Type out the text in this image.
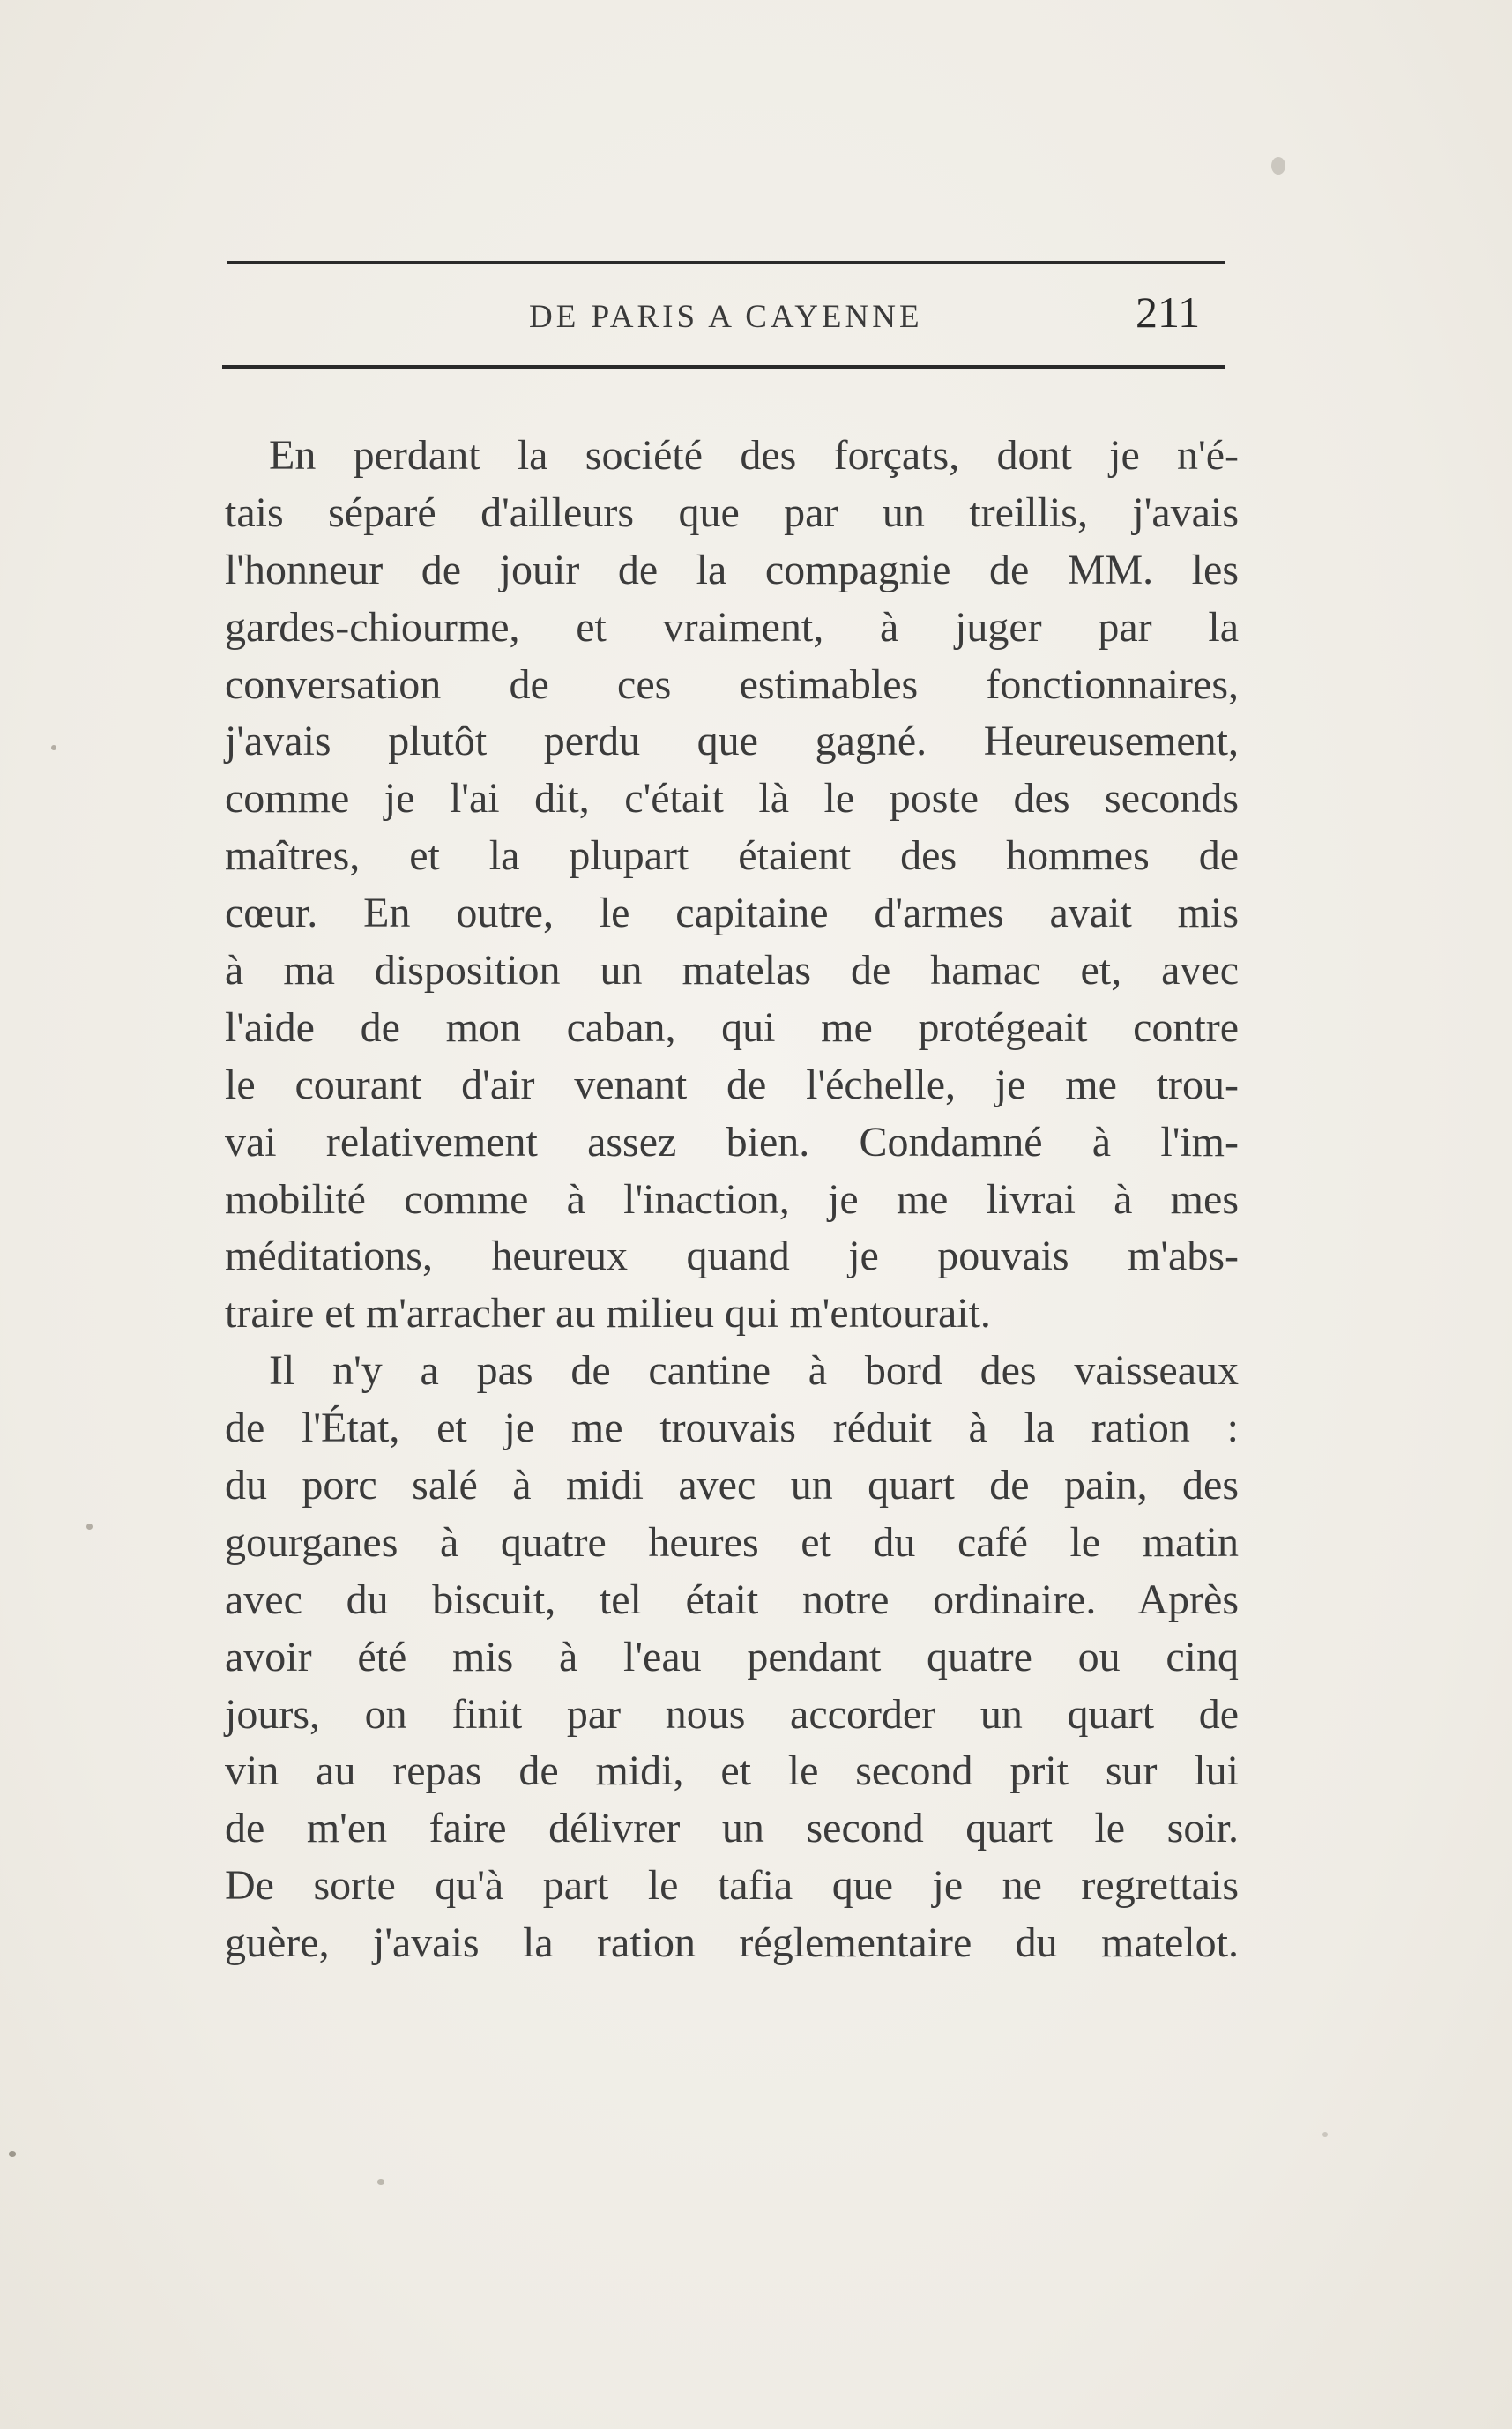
DE PARIS A CAYENNE	211
En perdant la société des forçats, dont je n'é-
tais séparé d'ailleurs que par un treillis, j'avais
l'honneur de jouir de la compagnie de MM. les
gardes-chiourme, et vraiment, à juger par la
conversation de ces estimables fonctionnaires,
j'avais plutôt perdu que gagné. Heureusement,
comme je l'ai dit, c'était là le poste des seconds
maîtres, et la plupart étaient des hommes de
cœur. En outre, le capitaine d'armes avait mis
à ma disposition un matelas de hamac et, avec
l'aide de mon caban, qui me protégeait contre
le courant d'air venant de l'échelle, je me trou-
vai relativement assez bien. Condamné à l'im-
mobilité comme à l'inaction, je me livrai à mes
méditations, heureux quand je pouvais m'abs-
traire et m'arracher au milieu qui m'entourait.
Il n'y a pas de cantine à bord des vaisseaux
de l'État, et je me trouvais réduit à la ration :
du porc salé à midi avec un quart de pain, des
gourganes à quatre heures et du café le matin
avec du biscuit, tel était notre ordinaire. Après
avoir été mis à l'eau pendant quatre ou cinq
jours, on finit par nous accorder un quart de
vin au repas de midi, et le second prit sur lui
de m'en faire délivrer un second quart le soir.
De sorte qu'à part le tafia que je ne regrettais
guère, j'avais la ration réglementaire du matelot.
